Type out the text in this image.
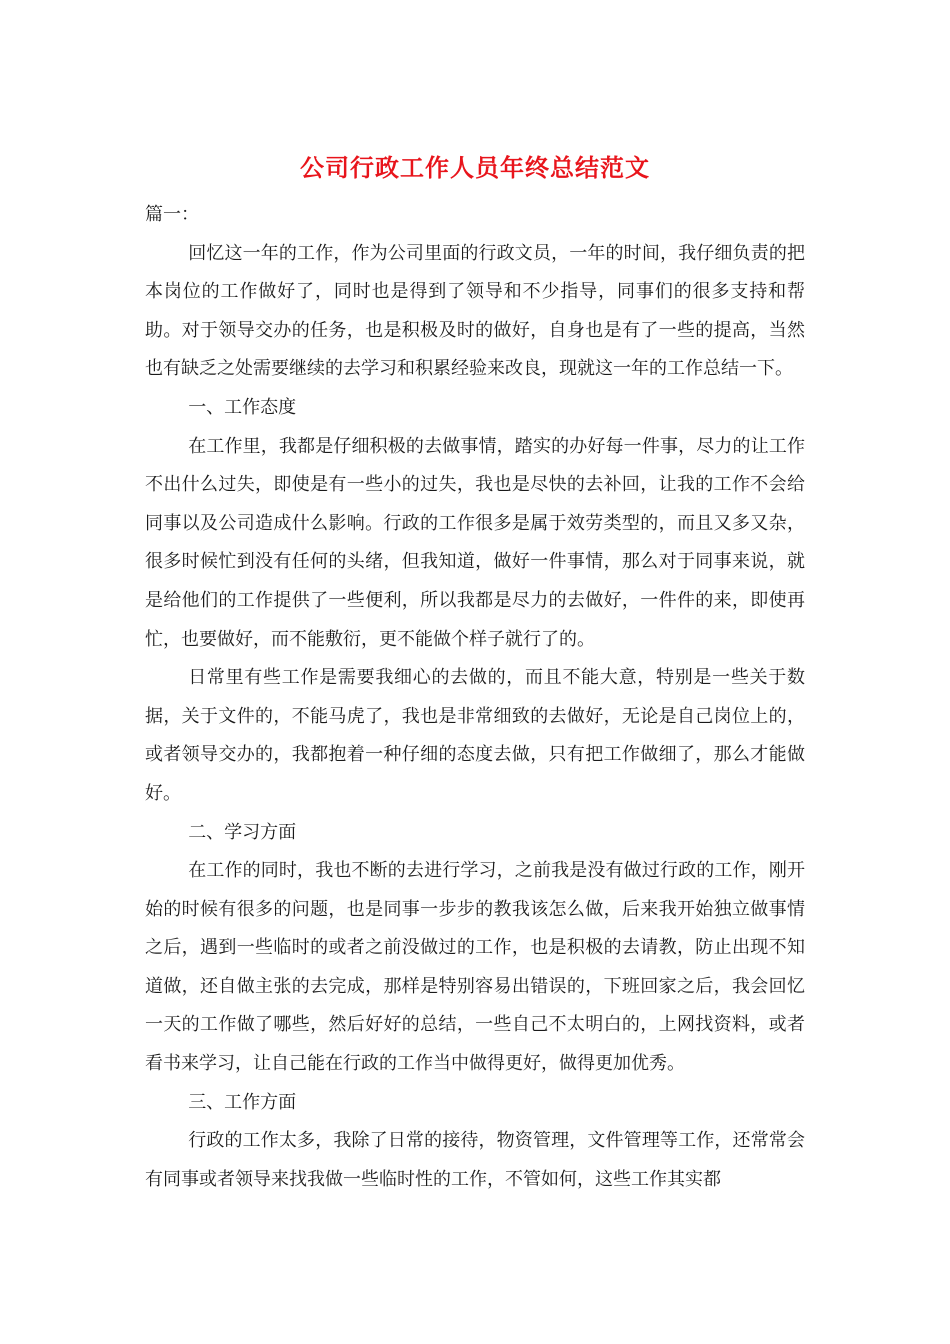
公司行政工作人员年终总结范文

篇一：

回忆这一年的工作，作为公司里面的行政文员，一年的时间，我仔细负责的把本岗位的工作做好了，同时也是得到了领导和不少指导，同事们的很多支持和帮助。对于领导交办的任务，也是积极及时的做好，自身也是有了一些的提高，当然也有缺乏之处需要继续的去学习和积累经验来改良，现就这一年的工作总结一下。

一、工作态度

在工作里，我都是仔细积极的去做事情，踏实的办好每一件事，尽力的让工作不出什么过失，即使是有一些小的过失，我也是尽快的去补回，让我的工作不会给同事以及公司造成什么影响。行政的工作很多是属于效劳类型的，而且又多又杂，很多时候忙到没有任何的头绪，但我知道，做好一件事情，那么对于同事来说，就是给他们的工作提供了一些便利，所以我都是尽力的去做好，一件件的来，即使再忙，也要做好，而不能敷衍，更不能做个样子就行了的。

日常里有些工作是需要我细心的去做的，而且不能大意，特别是一些关于数据，关于文件的，不能马虎了，我也是非常细致的去做好，无论是自己岗位上的，或者领导交办的，我都抱着一种仔细的态度去做，只有把工作做细了，那么才能做好。

二、学习方面

在工作的同时，我也不断的去进行学习，之前我是没有做过行政的工作，刚开始的时候有很多的问题，也是同事一步步的教我该怎么做，后来我开始独立做事情之后，遇到一些临时的或者之前没做过的工作，也是积极的去请教，防止出现不知道做，还自做主张的去完成，那样是特别容易出错误的，下班回家之后，我会回忆一天的工作做了哪些，然后好好的总结，一些自己不太明白的，上网找资料，或者看书来学习，让自己能在行政的工作当中做得更好，做得更加优秀。

三、工作方面

行政的工作太多，我除了日常的接待，物资管理，文件管理等工作，还常常会有同事或者领导来找我做一些临时性的工作，不管如何，这些工作其实都
